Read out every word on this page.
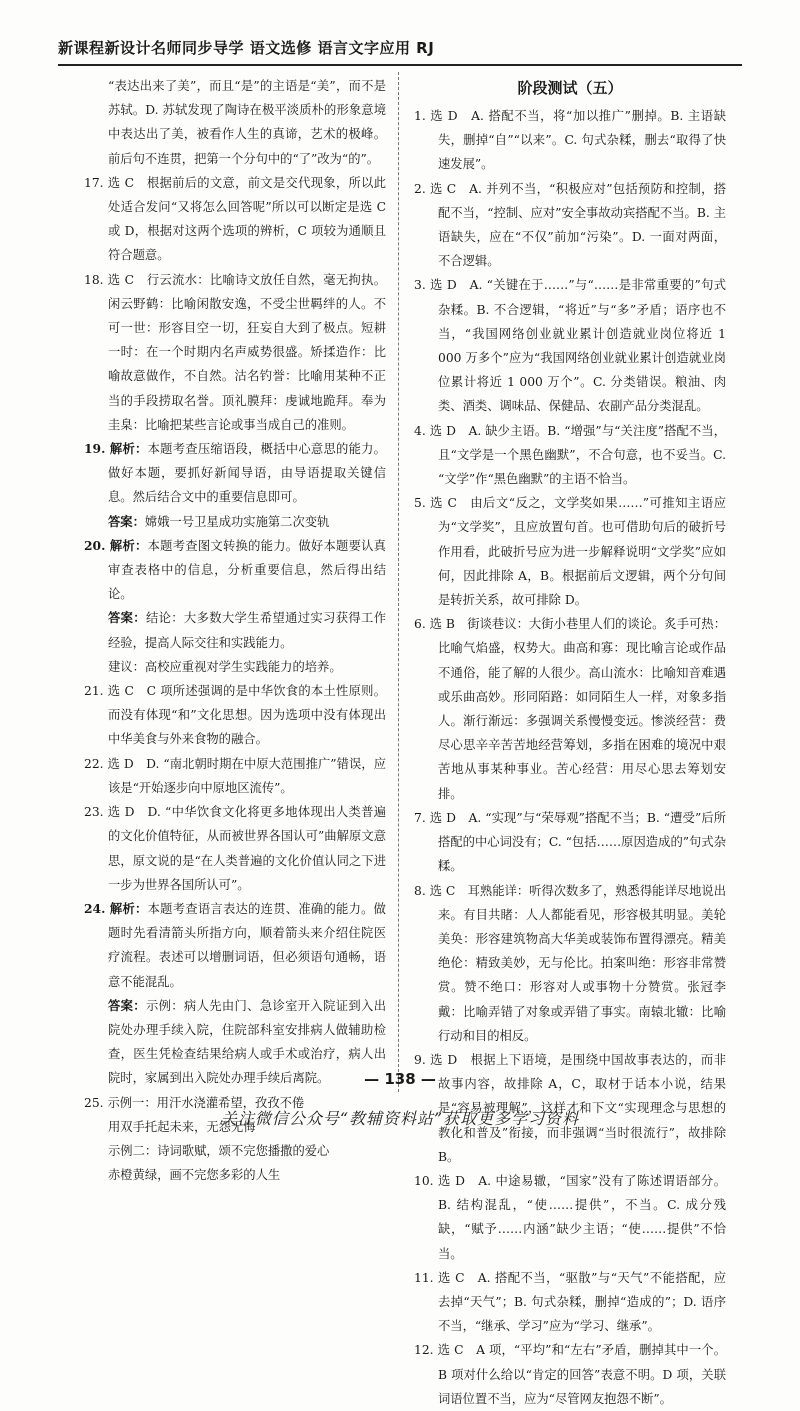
新课程新设计名师同步导学 语文选修 语言文字应用 RJ
“表达出来了美”，而且“是”的主语是“美”，而不是苏轼。D. 苏轼发现了陶诗在极平淡质朴的形象意境中表达出了美，被看作人生的真谛，艺术的极峰。前后句不连贯，把第一个分句中的“了”改为“的”。
17. 选 C　根据前后的文意，前文是交代现象，所以此处适合发问“又将怎么回答呢”所以可以断定是选 C 或 D，根据对这两个选项的辨析，C 项较为通顺且符合题意。
18. 选 C　行云流水：比喻诗文放任自然，毫无拘执。闲云野鹤：比喻闲散安逸，不受尘世羁绊的人。不可一世：形容目空一切，狂妄自大到了极点。短耕一时：在一个时期内名声威势很盛。矫揉造作：比喻故意做作，不自然。沽名钓誉：比喻用某种不正当的手段捞取名誉。顶礼膜拜：虔诚地跪拜。奉为圭臬：比喻把某些言论或事当成自己的准则。
19. 解析：本题考查压缩语段，概括中心意思的能力。做好本题，要抓好新闻导语，由导语提取关键信息。然后结合文中的重要信息即可。
答案：嫦娥一号卫星成功实施第二次变轨
20. 解析：本题考查图文转换的能力。做好本题要认真审查表格中的信息，分析重要信息，然后得出结论。
答案：结论：大多数大学生希望通过实习获得工作经验，提高人际交往和实践能力。
建议：高校应重视对学生实践能力的培养。
21. 选 C　C 项所述强调的是中华饮食的本土性原则。而没有体现“和”文化思想。因为选项中没有体现出中华美食与外来食物的融合。
22. 选 D　D. “南北朝时期在中原大范围推广”错误，应该是“开始逐步向中原地区流传”。
23. 选 D　D. “中华饮食文化将更多地体现出人类普遍的文化价值特征，从而被世界各国认可”曲解原文意思，原文说的是“在人类普遍的文化价值认同之下进一步为世界各国所认可”。
24. 解析：本题考查语言表达的连贯、准确的能力。做题时先看清箭头所指方向，顺着箭头来介绍住院医疗流程。表述可以增删词语，但必须语句通畅，语意不能混乱。
答案：示例：病人先由门、急诊室开入院证到入出院处办理手续入院，住院部科室安排病人做辅助检查，医生凭检查结果给病人或手术或治疗，病人出院时，家属到出入院处办理手续后离院。
25. 示例一：用汗水浇灌希望，孜孜不倦
用双手托起未来，无怨无悔
示例二：诗词歌赋，颂不完您播撒的爱心
赤橙黄绿，画不完您多彩的人生
阶段测试（五）
1. 选 D　A. 搭配不当，将“加以推广”删掉。B. 主语缺失，删掉“自”“以来”。C. 句式杂糅，删去“取得了快速发展”。
2. 选 C　A. 并列不当，“积极应对”包括预防和控制，搭配不当，“控制、应对”安全事故动宾搭配不当。B. 主语缺失，应在“不仅”前加“污染”。D. 一面对两面，不合逻辑。
3. 选 D　A. “关键在于……”与“……是非常重要的”句式杂糅。B. 不合逻辑，“将近”与“多”矛盾；语序也不当，“我国网络创业就业累计创造就业岗位将近 1 000 万多个”应为“我国网络创业就业累计创造就业岗位累计将近 1 000 万个”。C. 分类错误。粮油、肉类、酒类、调味品、保健品、农副产品分类混乱。
4. 选 D　A. 缺少主语。B. “增强”与“关注度”搭配不当，且“文学是一个黑色幽默”，不合句意，也不妥当。C. “文学”作“黑色幽默”的主语不恰当。
5. 选 C　由后文“反之，文学奖如果……”可推知主语应为“文学奖”，且应放置句首。也可借助句后的破折号作用看，此破折号应为进一步解释说明“文学奖”应如何，因此排除 A，B。根据前后文逻辑，两个分句间是转折关系，故可排除 D。
6. 选 B　街谈巷议：大街小巷里人们的谈论。炙手可热：比喻气焰盛，权势大。曲高和寡：现比喻言论或作品不通俗，能了解的人很少。高山流水：比喻知音难遇或乐曲高妙。形同陌路：如同陌生人一样，对象多指人。渐行渐远：多强调关系慢慢变远。惨淡经营：费尽心思辛辛苦苦地经营筹划，多指在困难的境况中艰苦地从事某种事业。苦心经营：用尽心思去筹划安排。
7. 选 D　A. “实现”与“荣辱观”搭配不当；B. “遭受”后所搭配的中心词没有；C. “包括……原因造成的”句式杂糅。
8. 选 C　耳熟能详：听得次数多了，熟悉得能详尽地说出来。有目共睹：人人都能看见，形容极其明显。美轮美奂：形容建筑物高大华美或装饰布置得漂亮。精美绝伦：精致美妙，无与伦比。拍案叫绝：形容非常赞赏。赞不绝口：形容对人或事物十分赞赏。张冠李戴：比喻弄错了对象或弄错了事实。南辕北辙：比喻行动和目的相反。
9. 选 D　根据上下语境，是围绕中国故事表达的，而非故事内容，故排除 A，C，取材于话本小说，结果是“容易被理解”，这样才和下文“实现理念与思想的教化和普及”衔接，而非强调“当时很流行”，故排除 B。
10. 选 D　A. 中途易辙，“国家”没有了陈述谓语部分。B. 结构混乱，“使……提供”，不当。C. 成分残缺，“赋予……内涵”缺少主语；“使……提供”不恰当。
11. 选 C　A. 搭配不当，“驱散”与“天气”不能搭配，应去掉“天气”；B. 句式杂糅，删掉“造成的”；D. 语序不当，“继承、学习”应为“学习、继承”。
12. 选 C　A 项，“平均”和“左右”矛盾，删掉其中一个。B 项对什么给以“肯定的回答”表意不明。D 项，关联词语位置不当，应为“尽管网友抱怨不断”。
— 138 —
关注微信公众号“教辅资料站”获取更多学习资料
